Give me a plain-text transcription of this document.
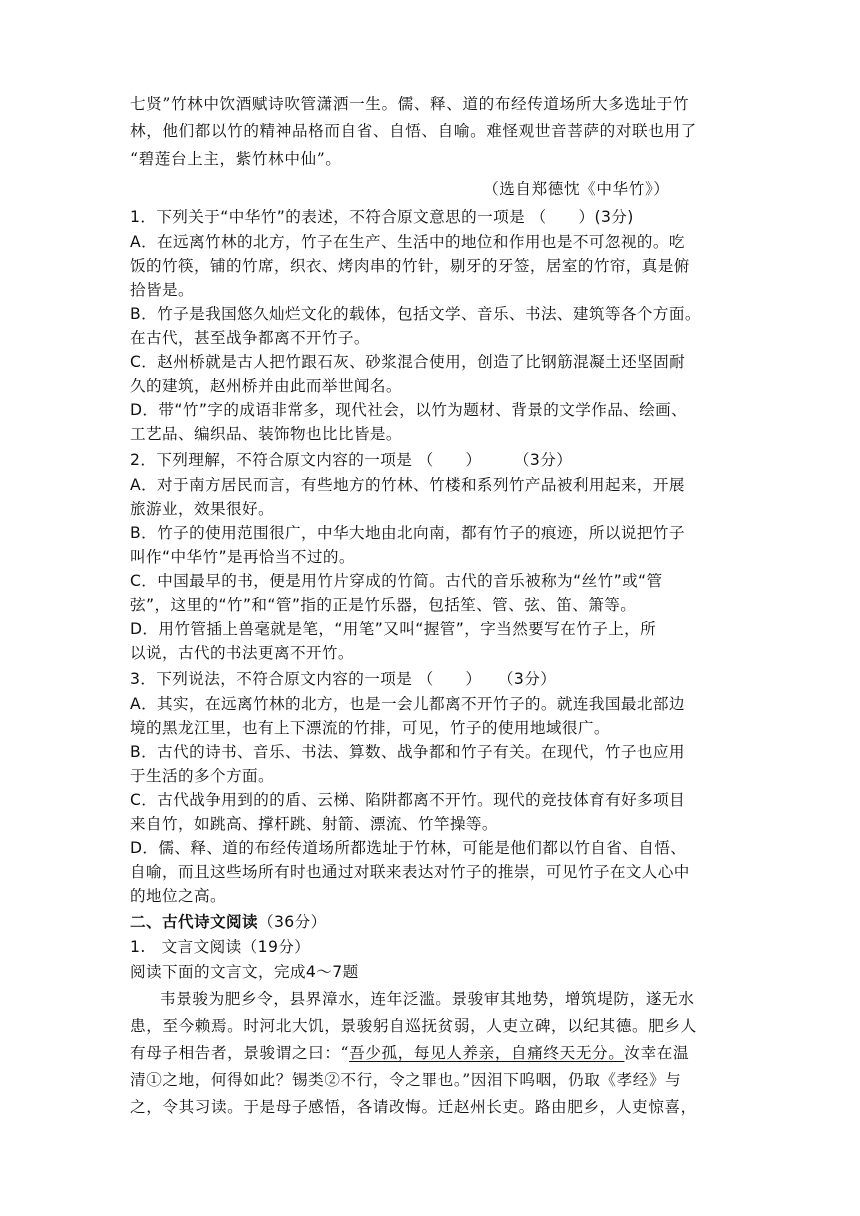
七贤”竹林中饮酒赋诗吹管潇洒一生。儒、释、道的布经传道场所大多选址于竹
林，他们都以竹的精神品格而自省、自悟、自喻。难怪观世音菩萨的对联也用了
“碧莲台上主，紫竹林中仙”。
（选自郑德忱《中华竹》）
1．下列关于“中华竹”的表述，不符合原文意思的一项是 （　　）(3分)
A．在远离竹林的北方，竹子在生产、生活中的地位和作用也是不可忽视的。吃
饭的竹筷，铺的竹席，织衣、烤肉串的竹针，剔牙的牙签，居室的竹帘，真是俯
拾皆是。
B．竹子是我国悠久灿烂文化的载体，包括文学、音乐、书法、建筑等各个方面。
在古代，甚至战争都离不开竹子。
C．赵州桥就是古人把竹跟石灰、砂浆混合使用，创造了比钢筋混凝土还坚固耐
久的建筑，赵州桥并由此而举世闻名。
D．带“竹”字的成语非常多，现代社会，以竹为题材、背景的文学作品、绘画、
工艺品、编织品、装饰物也比比皆是。
2．下列理解，不符合原文内容的一项是 （　　）　　　（3分）
A．对于南方居民而言，有些地方的竹林、竹楼和系列竹产品被利用起来，开展
旅游业，效果很好。
B．竹子的使用范围很广，中华大地由北向南，都有竹子的痕迹，所以说把竹子
叫作“中华竹”是再恰当不过的。
C．中国最早的书，便是用竹片穿成的竹简。古代的音乐被称为“丝竹”或“管
弦”，这里的“竹”和“管”指的正是竹乐器，包括笙、管、弦、笛、箫等。
D．用竹管插上兽毫就是笔，“用笔”又叫“握管”，字当然要写在竹子上，所
以说，古代的书法更离不开竹。
3．下列说法，不符合原文内容的一项是 （　　）　　（3分）
A．其实，在远离竹林的北方，也是一会儿都离不开竹子的。就连我国最北部边
境的黑龙江里，也有上下漂流的竹排，可见，竹子的使用地域很广。
B．古代的诗书、音乐、书法、算数、战争都和竹子有关。在现代，竹子也应用
于生活的多个方面。
C．古代战争用到的的盾、云梯、陷阱都离不开竹。现代的竞技体育有好多项目
来自竹，如跳高、撑杆跳、射箭、漂流、竹竿操等。
D．儒、释、道的布经传道场所都选址于竹林，可能是他们都以竹自省、自悟、
自喻，而且这些场所有时也通过对联来表达对竹子的推崇，可见竹子在文人心中
的地位之高。
二、古代诗文阅读（36分）
1.　文言文阅读（19分）
阅读下面的文言文，完成4～7题
韦景骏为肥乡令，县界漳水，连年泛滥。景骏审其地势，增筑堤防，遂无水
患，至今赖焉。时河北大饥，景骏躬自巡抚贫弱，人吏立碑，以纪其德。肥乡人
有母子相告者，景骏谓之曰：“吾少孤，每见人养亲，自痛终天无分。汝幸在温
清①之地，何得如此？锡类②不行，令之罪也。”因泪下呜咽，仍取《孝经》与
之，令其习读。于是母子感悟，各请改悔。迁赵州长吏。路由肥乡，人吏惊喜，
